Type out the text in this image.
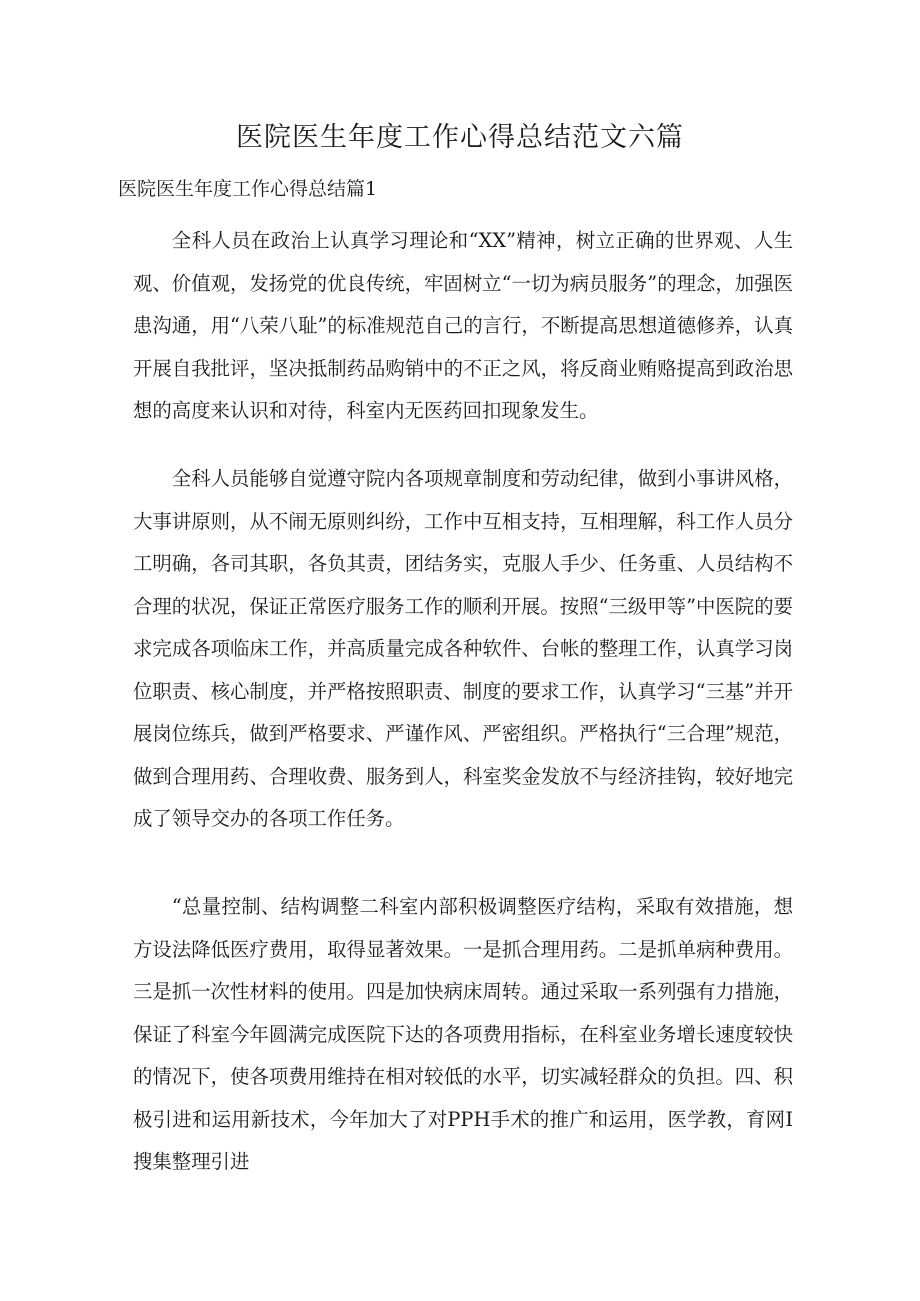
医院医生年度工作心得总结范文六篇
医院医生年度工作心得总结篇1

全科人员在政治上认真学习理论和“XX”精神，树立正确的世界观、人生观、价值观，发扬党的优良传统，牢固树立“一切为病员服务”的理念，加强医患沟通，用“八荣八耻”的标准规范自己的言行，不断提高思想道德修养，认真开展自我批评，坚决抵制药品购销中的不正之风，将反商业贿赂提高到政治思想的高度来认识和对待，科室内无医药回扣现象发生。

全科人员能够自觉遵守院内各项规章制度和劳动纪律，做到小事讲风格，大事讲原则，从不闹无原则纠纷，工作中互相支持，互相理解，科工作人员分工明确，各司其职，各负其责，团结务实，克服人手少、任务重、人员结构不合理的状况，保证正常医疗服务工作的顺利开展。按照“三级甲等”中医院的要求完成各项临床工作，并高质量完成各种软件、台帐的整理工作，认真学习岗位职责、核心制度，并严格按照职责、制度的要求工作，认真学习“三基”并开展岗位练兵，做到严格要求、严谨作风、严密组织。严格执行“三合理”规范，做到合理用药、合理收费、服务到人，科室奖金发放不与经济挂钩，较好地完成了领导交办的各项工作任务。

“总量控制、结构调整二科室内部积极调整医疗结构，采取有效措施，想方设法降低医疗费用，取得显著效果。一是抓合理用药。二是抓单病种费用。三是抓一次性材料的使用。四是加快病床周转。通过采取一系列强有力措施，保证了科室今年圆满完成医院下达的各项费用指标，在科室业务增长速度较快的情况下，使各项费用维持在相对较低的水平，切实减轻群众的负担。四、积极引进和运用新技术，今年加大了对PPH手术的推广和运用，医学教，育网I搜集整理引进
